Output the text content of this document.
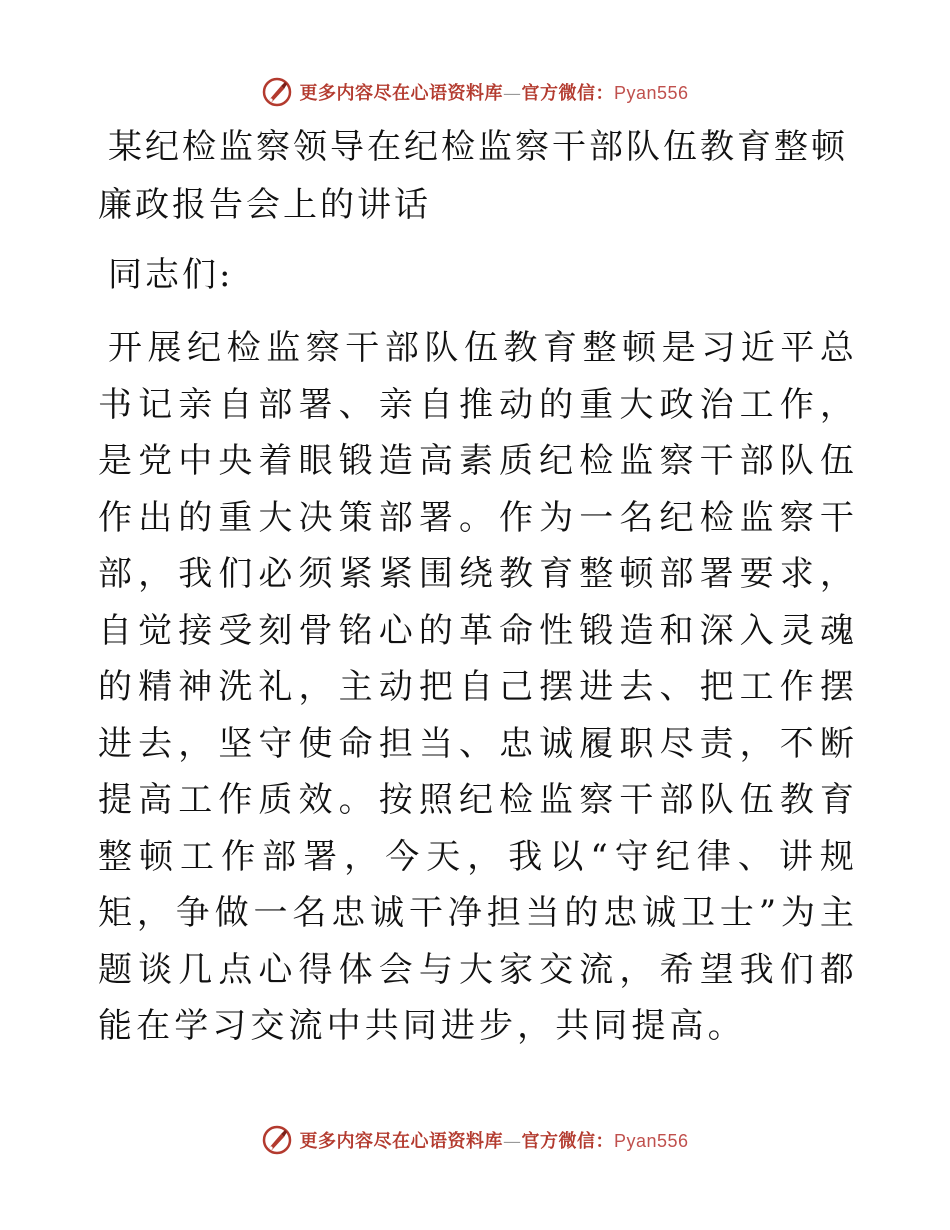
更多内容尽在心语资料库—官方微信：Pyan556
某纪检监察领导在纪检监察干部队伍教育整顿廉政报告会上的讲话

同志们:

开展纪检监察干部队伍教育整顿是习近平总书记亲自部署、亲自推动的重大政治工作，是党中央着眼锻造高素质纪检监察干部队伍作出的重大决策部署。作为一名纪检监察干部，我们必须紧紧围绕教育整顿部署要求，自觉接受刻骨铭心的革命性锻造和深入灵魂的精神洗礼，主动把自己摆进去、把工作摆进去，坚守使命担当、忠诚履职尽责，不断提高工作质效。按照纪检监察干部队伍教育整顿工作部署，今天，我以“守纪律、讲规矩，争做一名忠诚干净担当的忠诚卫士”为主题谈几点心得体会与大家交流，希望我们都能在学习交流中共同进步，共同提高。

更多内容尽在心语资料库—官方微信：Pyan556
